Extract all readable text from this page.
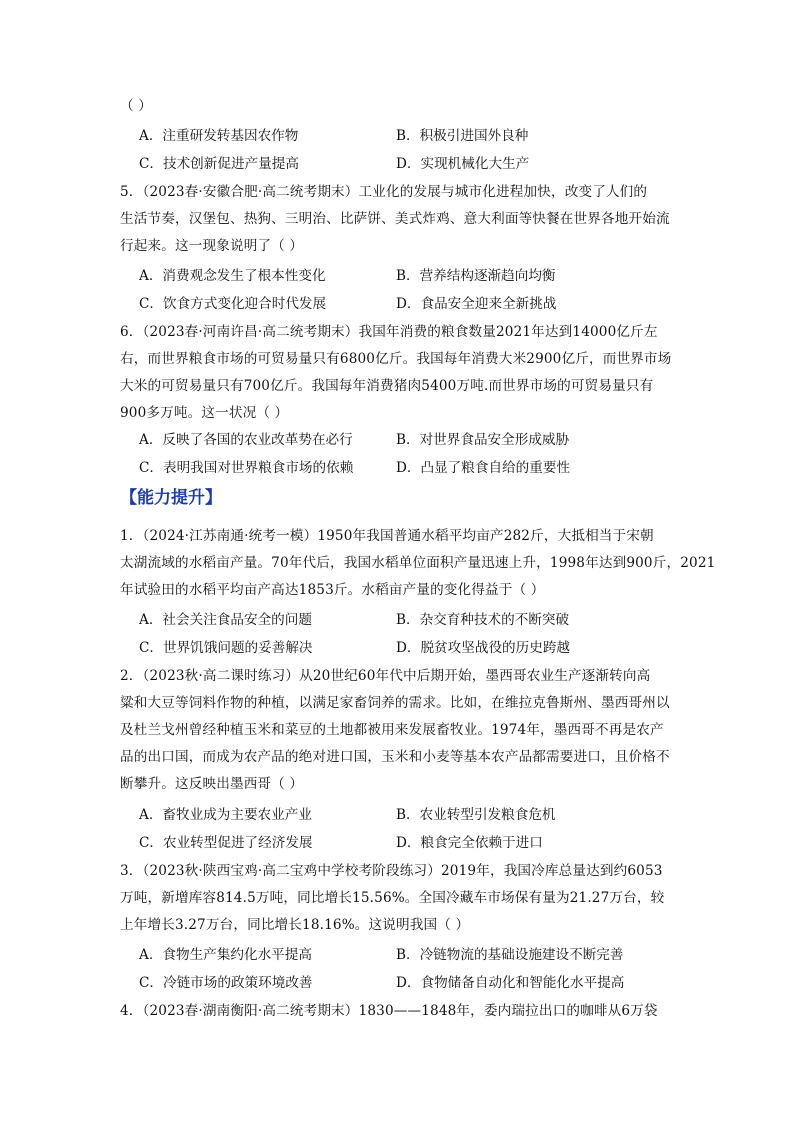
（ ）
A．注重研发转基因农作物	B．积极引进国外良种
C．技术创新促进产量提高	D．实现机械化大生产
5．（2023春·安徽合肥·高二统考期末）工业化的发展与城市化进程加快，改变了人们的
生活节奏，汉堡包、热狗、三明治、比萨饼、美式炸鸡、意大利面等快餐在世界各地开始流
行起来。这一现象说明了（ ）
A．消费观念发生了根本性变化	B．营养结构逐渐趋向均衡
C．饮食方式变化迎合时代发展	D．食品安全迎来全新挑战
6．（2023春·河南许昌·高二统考期末）我国年消费的粮食数量2021年达到14000亿斤左
右，而世界粮食市场的可贸易量只有6800亿斤。我国每年消费大米2900亿斤，而世界市场
大米的可贸易量只有700亿斤。我国每年消费猪肉5400万吨.而世界市场的可贸易量只有
900多万吨。这一状况（ ）
A．反映了各国的农业改革势在必行	B．对世界食品安全形成威胁
C．表明我国对世界粮食市场的依赖	D．凸显了粮食自给的重要性
【能力提升】
1．（2024·江苏南通·统考一模）1950年我国普通水稻平均亩产282斤，大抵相当于宋朝
太湖流域的水稻亩产量。70年代后，我国水稻单位面积产量迅速上升，1998年达到900斤，2021
年试验田的水稻平均亩产高达1853斤。水稻亩产量的变化得益于（ ）
A．社会关注食品安全的问题	B．杂交育种技术的不断突破
C．世界饥饿问题的妥善解决	D．脱贫攻坚战役的历史跨越
2．（2023秋·高二课时练习）从20世纪60年代中后期开始，墨西哥农业生产逐渐转向高
粱和大豆等饲料作物的种植，以满足家畜饲养的需求。比如，在维拉克鲁斯州、墨西哥州以
及杜兰戈州曾经种植玉米和菜豆的土地都被用来发展畜牧业。1974年，墨西哥不再是农产
品的出口国，而成为农产品的绝对进口国，玉米和小麦等基本农产品都需要进口，且价格不
断攀升。这反映出墨西哥（ ）
A．畜牧业成为主要农业产业	B．农业转型引发粮食危机
C．农业转型促进了经济发展	D．粮食完全依赖于进口
3．（2023秋·陕西宝鸡·高二宝鸡中学校考阶段练习）2019年，我国冷库总量达到约6053
万吨，新增库容814.5万吨，同比增长15.56%。全国冷藏车市场保有量为21.27万台，较
上年增长3.27万台，同比增长18.16%。这说明我国（ ）
A．食物生产集约化水平提高	B．冷链物流的基础设施建设不断完善
C．冷链市场的政策环境改善	D．食物储备自动化和智能化水平提高
4．（2023春·湖南衡阳·高二统考期末）1830——1848年，委内瑞拉出口的咖啡从6万袋
